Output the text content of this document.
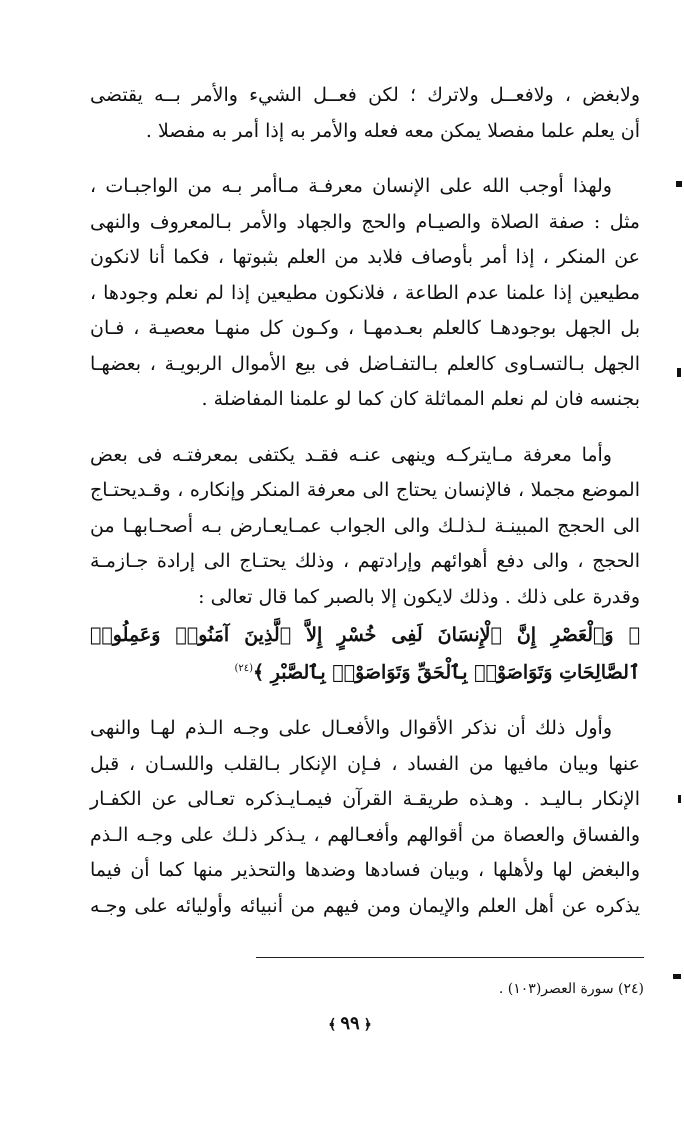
ولابغض ، ولافعــل ولاترك ؛ لكن فعــل الشيء والأمر بــه يقتضى
أن يعلم علما مفصلا يمكن معه فعله والأمر به إذا أمر به مفصلا .

ولهذا أوجب الله على الإنسان معرفـة مـاأمر بـه من الواجبـات ،
مثل : صفة الصلاة والصيـام والحج والجهاد والأمر بـالمعروف والنهى
عن المنكر ، إذا أمر بأوصاف فلابد من العلم بثبوتها ، فكما أنا لانكون
مطيعين إذا علمنا عدم الطاعة ، فلانكون مطيعين إذا لم نعلم وجودها ،
بل الجهل بوجودهـا كالعلم بعـدمهـا ، وكـون كل منهـا معصيـة ، فـان
الجهل بـالتسـاوى كالعلم بـالتفـاضل فى بيع الأموال الربويـة ، بعضهـا
بجنسه فان لم نعلم المماثلة كان كما لو علمنا المفاضلة .

وأما معرفة مـايتركـه وينهى عنـه فقـد يكتفى بمعرفتـه فى بعض
الموضع مجملا ، فالإنسان يحتاج الى معرفة المنكر وإنكاره ، وقـديحتـاج
الى الحجج المبينـة لـذلـك والى الجواب عمـايعـارض بـه أصحـابهـا من
الحجج ، والى دفع أهوائهم وإرادتهم ، وذلك يحتـاج الى إرادة جـازمـة
وقدرة على ذلك . وذلك لايكون إلا بالصبر كما قال تعالى :

﴿ وَٱلْعَصْرِ إِنَّ ٱلْإِنسَانَ لَفِى خُسْرٍ إِلاَّ ٱلَّذِينَ آمَنُوا۟ وَعَمِلُوا۟
ٱلصَّالِحَاتِ وَتَوَاصَوْا۟ بِٱلْحَقِّ وَتَوَاصَوْا۟ بِٱلصَّبْرِ ﴾$^{(٢٤)}$

وأول ذلك أن نذكر الأقوال والأفعـال على وجـه الـذم لهـا والنهى
عنها وبيان مافيها من الفساد ، فـإن الإنكار بـالقلب واللسـان ، قبل
الإنكار بـاليـد . وهـذه طريقـة القرآن فيمـايـذكره تعـالى عن الكفـار
والفساق والعصاة من أقوالهم وأفعـالهم ، يـذكر ذلـك على وجـه الـذم
والبغض لها ولأهلها ، وبيان فسادها وضدها والتحذير منها كما أن فيما
يذكره عن أهل العلم والإيمان ومن فيهم من أنبيائه وأوليائه على وجـه

(٢٤) سورة العصر(١٠٣) .
﴿٩٩﴾
